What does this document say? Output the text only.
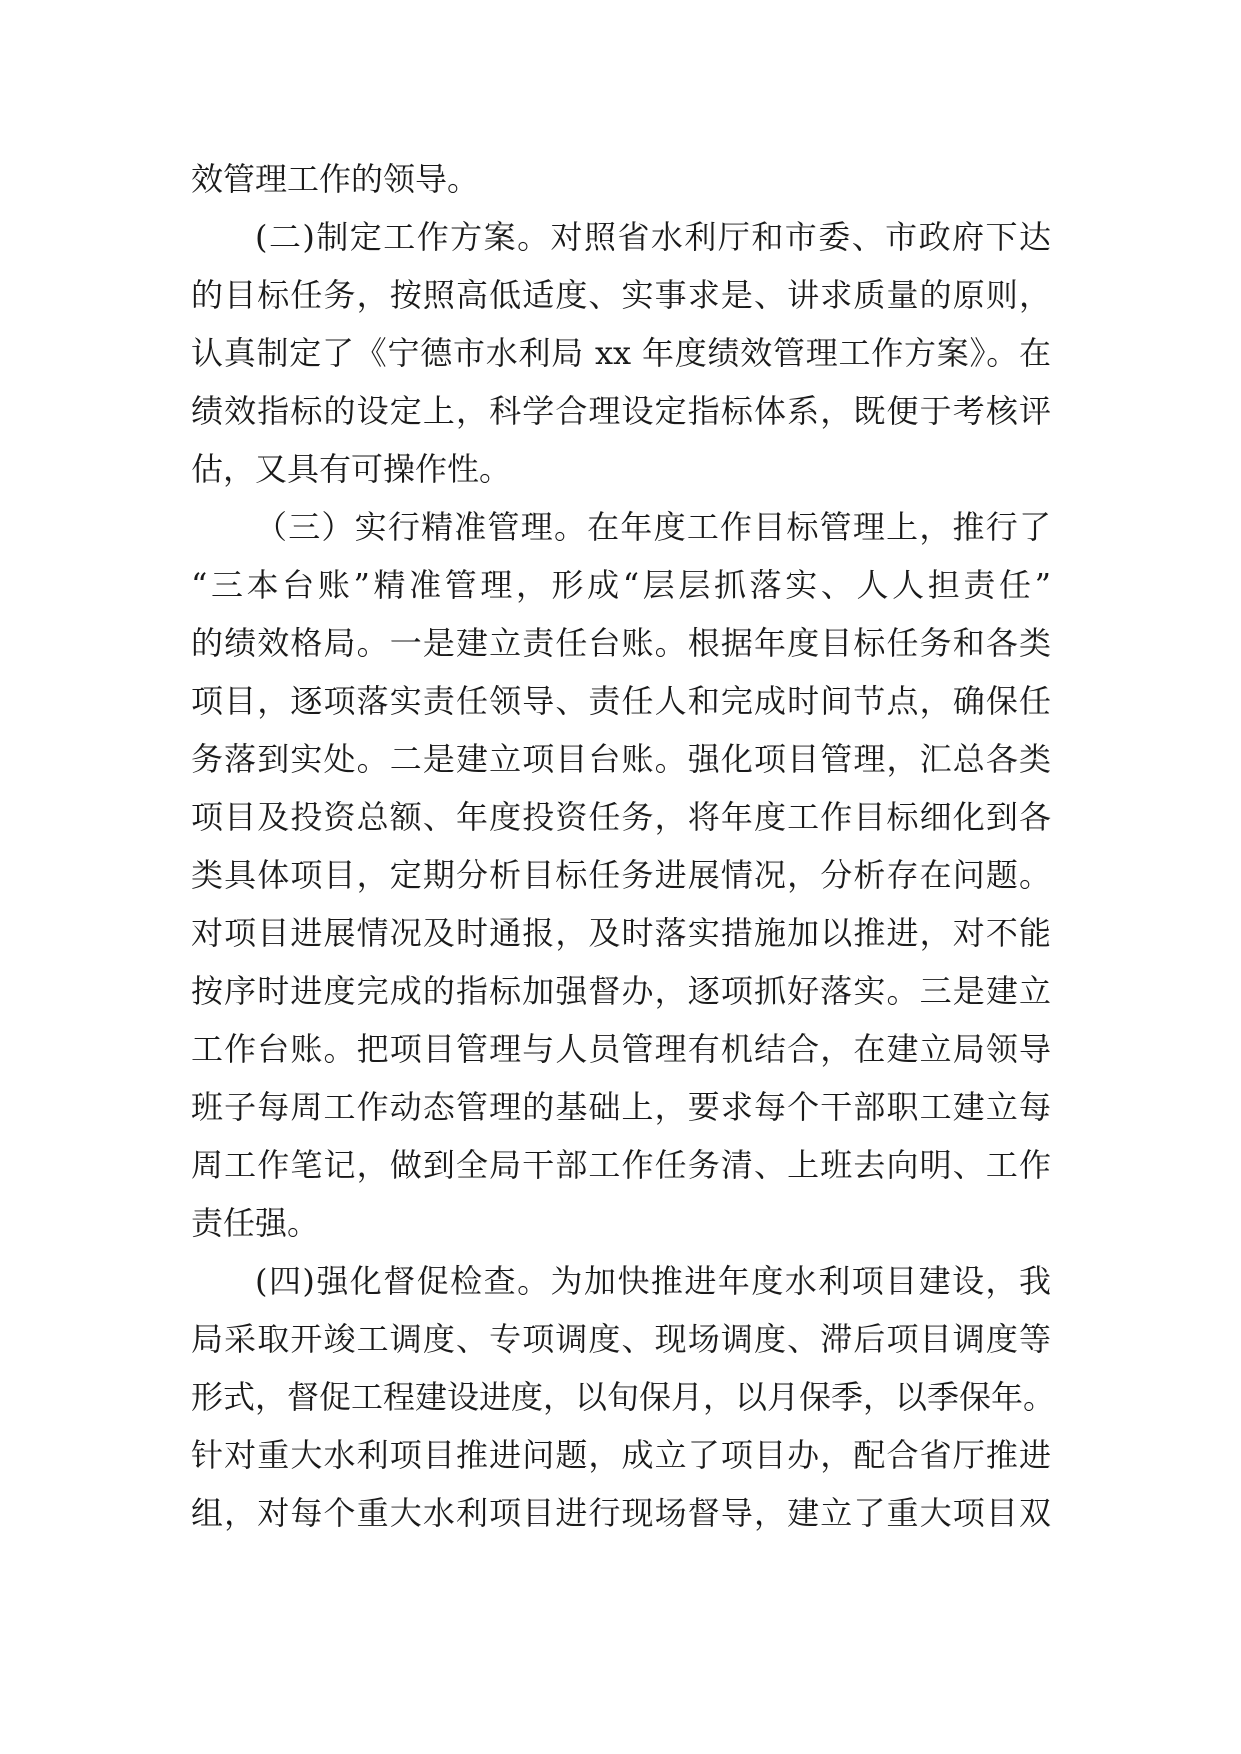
效管理工作的领导。
(二)制定工作方案。对照省水利厅和市委、市政府下达
的目标任务，按照高低适度、实事求是、讲求质量的原则，
认真制定了《宁德市水利局 xx 年度绩效管理工作方案》。在
绩效指标的设定上，科学合理设定指标体系，既便于考核评
估，又具有可操作性。
（三）实行精准管理。在年度工作目标管理上，推行了
“三本台账”精准管理，形成“层层抓落实、人人担责任”
的绩效格局。一是建立责任台账。根据年度目标任务和各类
项目，逐项落实责任领导、责任人和完成时间节点，确保任
务落到实处。二是建立项目台账。强化项目管理，汇总各类
项目及投资总额、年度投资任务，将年度工作目标细化到各
类具体项目，定期分析目标任务进展情况，分析存在问题。
对项目进展情况及时通报，及时落实措施加以推进，对不能
按序时进度完成的指标加强督办，逐项抓好落实。三是建立
工作台账。把项目管理与人员管理有机结合，在建立局领导
班子每周工作动态管理的基础上，要求每个干部职工建立每
周工作笔记，做到全局干部工作任务清、上班去向明、工作
责任强。
(四)强化督促检查。为加快推进年度水利项目建设，我
局采取开竣工调度、专项调度、现场调度、滞后项目调度等
形式，督促工程建设进度，以旬保月，以月保季，以季保年。
针对重大水利项目推进问题，成立了项目办，配合省厅推进
组，对每个重大水利项目进行现场督导，建立了重大项目双
